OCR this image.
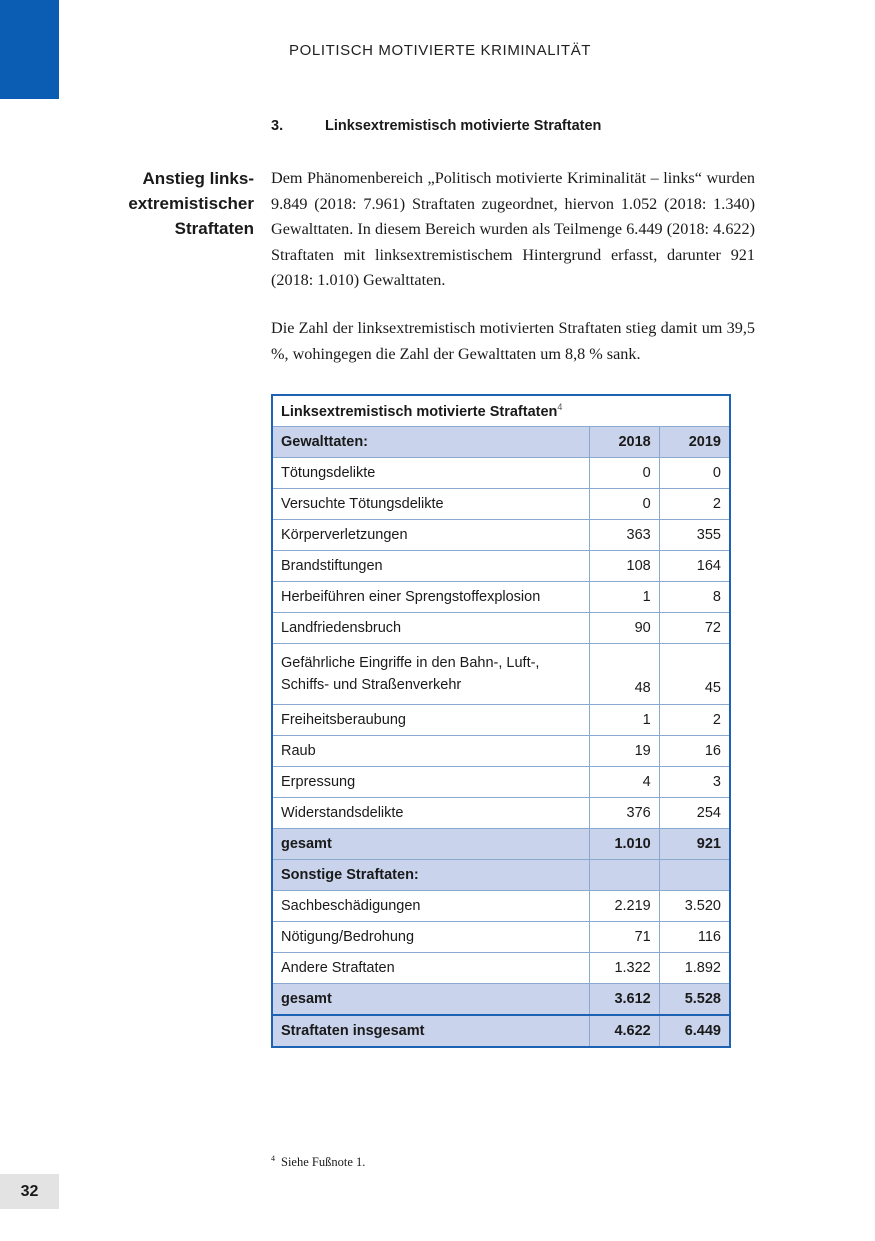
POLITISCH MOTIVIERTE KRIMINALITÄT
3.	Linksextremistisch motivierte Straftaten
Anstieg links-
extremistischer
Straftaten
Dem Phänomenbereich „Politisch motivierte Kriminalität – links“ wurden 9.849 (2018: 7.961) Straftaten zugeordnet, hiervon 1.052 (2018: 1.340) Gewalttaten. In diesem Bereich wurden als Teilmenge 6.449 (2018: 4.622) Straftaten mit linksextremistischem Hintergrund erfasst, darunter 921 (2018: 1.010) Gewalttaten.
Die Zahl der linksextremistisch motivierten Straftaten stieg damit um 39,5 %, wohingegen die Zahl der Gewalttaten um 8,8 % sank.
Linksextremistisch motivierte Straftaten$^4$
Gewalttaten:	2018	2019
Tötungsdelikte	0	0
Versuchte Tötungsdelikte	0	2
Körperverletzungen	363	355
Brandstiftungen	108	164
Herbeiführen einer Sprengstoffexplosion	1	8
Landfriedensbruch	90	72
Gefährliche Eingriffe in den Bahn-, Luft-, Schiffs- und Straßenverkehr	48	45
Freiheitsberaubung	1	2
Raub	19	16
Erpressung	4	3
Widerstandsdelikte	376	254
gesamt	1.010	921
Sonstige Straftaten:		
Sachbeschädigungen	2.219	3.520
Nötigung/Bedrohung	71	116
Andere Straftaten	1.322	1.892
gesamt	3.612	5.528
Straftaten insgesamt	4.622	6.449
$^4$ Siehe Fußnote 1.
32
